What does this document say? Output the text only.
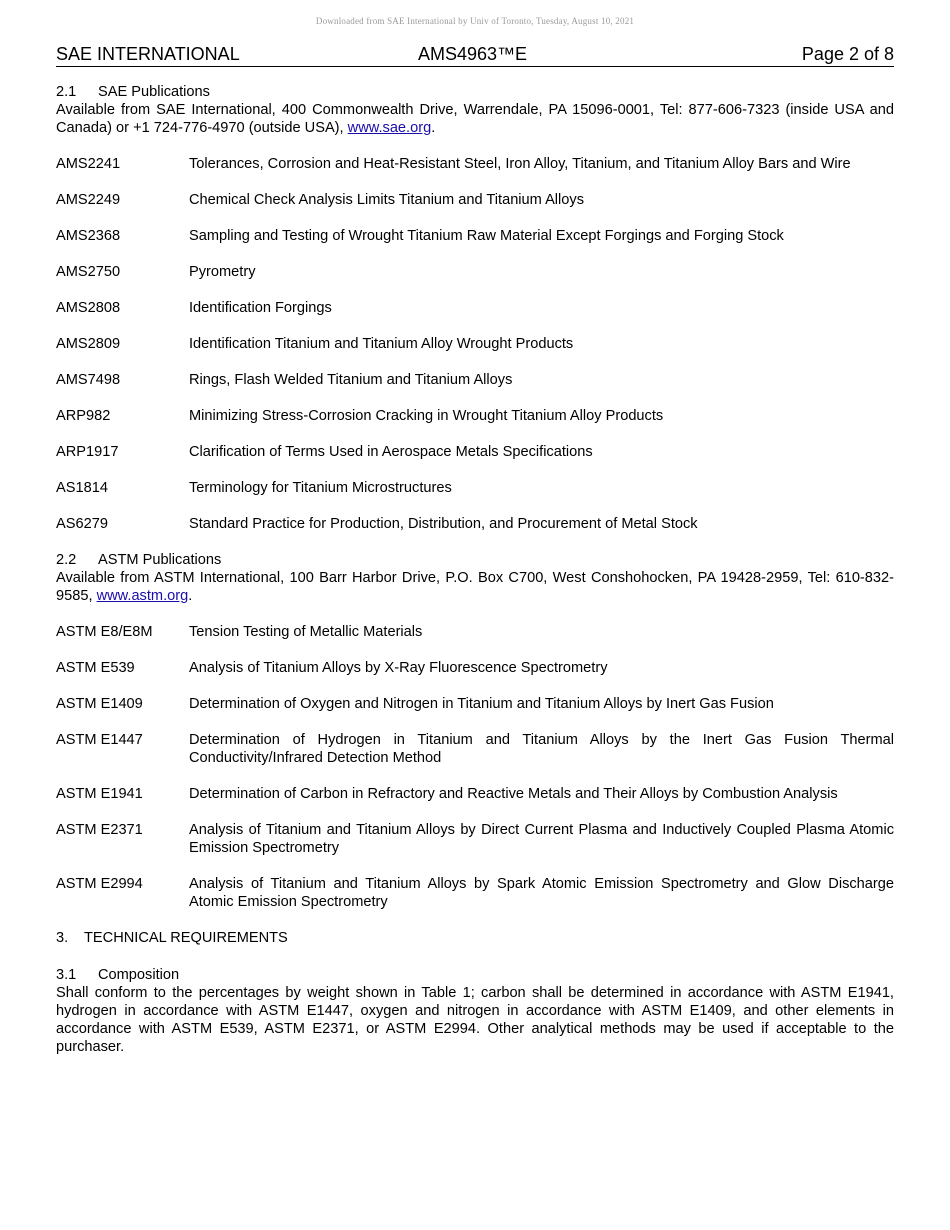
Downloaded from SAE International by Univ of Toronto, Tuesday, August 10, 2021
SAE INTERNATIONAL	AMS4963™E	Page 2 of 8
2.1 SAE Publications

Available from SAE International, 400 Commonwealth Drive, Warrendale, PA 15096-0001, Tel: 877-606-7323 (inside USA and Canada) or +1 724-776-4970 (outside USA), www.sae.org.

AMS2241	Tolerances, Corrosion and Heat-Resistant Steel, Iron Alloy, Titanium, and Titanium Alloy Bars and Wire
AMS2249	Chemical Check Analysis Limits Titanium and Titanium Alloys
AMS2368	Sampling and Testing of Wrought Titanium Raw Material Except Forgings and Forging Stock
AMS2750	Pyrometry
AMS2808	Identification Forgings
AMS2809	Identification Titanium and Titanium Alloy Wrought Products
AMS7498	Rings, Flash Welded Titanium and Titanium Alloys
ARP982	Minimizing Stress-Corrosion Cracking in Wrought Titanium Alloy Products
ARP1917	Clarification of Terms Used in Aerospace Metals Specifications
AS1814	Terminology for Titanium Microstructures
AS6279	Standard Practice for Production, Distribution, and Procurement of Metal Stock
2.2 ASTM Publications

Available from ASTM International, 100 Barr Harbor Drive, P.O. Box C700, West Conshohocken, PA 19428-2959, Tel: 610-832-9585, www.astm.org.

ASTM E8/E8M	Tension Testing of Metallic Materials
ASTM E539	Analysis of Titanium Alloys by X-Ray Fluorescence Spectrometry
ASTM E1409	Determination of Oxygen and Nitrogen in Titanium and Titanium Alloys by Inert Gas Fusion
ASTM E1447	Determination of Hydrogen in Titanium and Titanium Alloys by the Inert Gas Fusion Thermal Conductivity/Infrared Detection Method
ASTM E1941	Determination of Carbon in Refractory and Reactive Metals and Their Alloys by Combustion Analysis
ASTM E2371	Analysis of Titanium and Titanium Alloys by Direct Current Plasma and Inductively Coupled Plasma Atomic Emission Spectrometry
ASTM E2994	Analysis of Titanium and Titanium Alloys by Spark Atomic Emission Spectrometry and Glow Discharge Atomic Emission Spectrometry
3. TECHNICAL REQUIREMENTS
3.1 Composition

Shall conform to the percentages by weight shown in Table 1; carbon shall be determined in accordance with ASTM E1941, hydrogen in accordance with ASTM E1447, oxygen and nitrogen in accordance with ASTM E1409, and other elements in accordance with ASTM E539, ASTM E2371, or ASTM E2994. Other analytical methods may be used if acceptable to the purchaser.
